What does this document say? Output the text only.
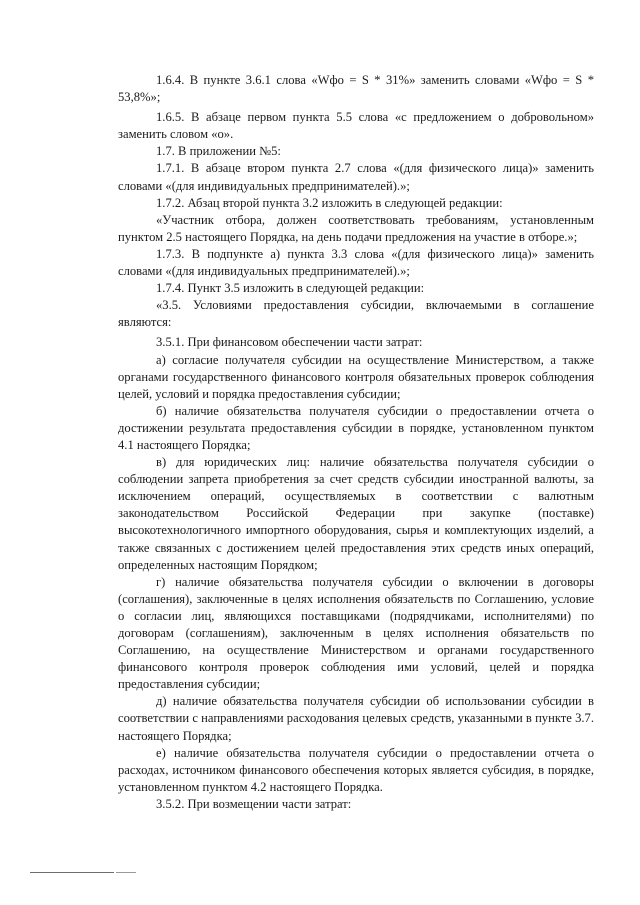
1.6.4. В пункте 3.6.1 слова «Wфо = S * 31%» заменить словами «Wфо = S * 53,8%»;

1.6.5. В абзаце первом пункта 5.5 слова «с предложением о добровольном» заменить словом «о».

1.7. В приложении №5:

1.7.1. В абзаце втором пункта 2.7 слова «(для физического лица)» заменить словами «(для индивидуальных предпринимателей).»;

1.7.2. Абзац второй пункта 3.2 изложить в следующей редакции:

«Участник отбора, должен соответствовать требованиям, установленным пунктом 2.5 настоящего Порядка, на день подачи предложения на участие в отборе.»;

1.7.3. В подпункте а) пункта 3.3 слова «(для физического лица)» заменить словами «(для индивидуальных предпринимателей).»;

1.7.4. Пункт 3.5 изложить в следующей редакции:

«3.5. Условиями предоставления субсидии, включаемыми в соглашение являются:

3.5.1. При финансовом обеспечении части затрат:

а) согласие получателя субсидии на осуществление Министерством, а также органами государственного финансового контроля обязательных проверок соблюдения целей, условий и порядка предоставления субсидии;

б) наличие обязательства получателя субсидии о предоставлении отчета о достижении результата предоставления субсидии в порядке, установленном пунктом 4.1 настоящего Порядка;

в) для юридических лиц: наличие обязательства получателя субсидии о соблюдении запрета приобретения за счет средств субсидии иностранной валюты, за исключением операций, осуществляемых в соответствии с валютным законодательством Российской Федерации при закупке (поставке) высокотехнологичного импортного оборудования, сырья и комплектующих изделий, а также связанных с достижением целей предоставления этих средств иных операций, определенных настоящим Порядком;

г) наличие обязательства получателя субсидии о включении в договоры (соглашения), заключенные в целях исполнения обязательств по Соглашению, условие о согласии лиц, являющихся поставщиками (подрядчиками, исполнителями) по договорам (соглашениям), заключенным в целях исполнения обязательств по Соглашению, на осуществление Министерством и органами государственного финансового контроля проверок соблюдения ими условий, целей и порядка предоставления субсидии;

д) наличие обязательства получателя субсидии об использовании субсидии в соответствии с направлениями расходования целевых средств, указанными в пункте 3.7. настоящего Порядка;

е) наличие обязательства получателя субсидии о предоставлении отчета о расходах, источником финансового обеспечения которых является субсидия, в порядке, установленном пунктом 4.2 настоящего Порядка.

3.5.2. При возмещении части затрат:
